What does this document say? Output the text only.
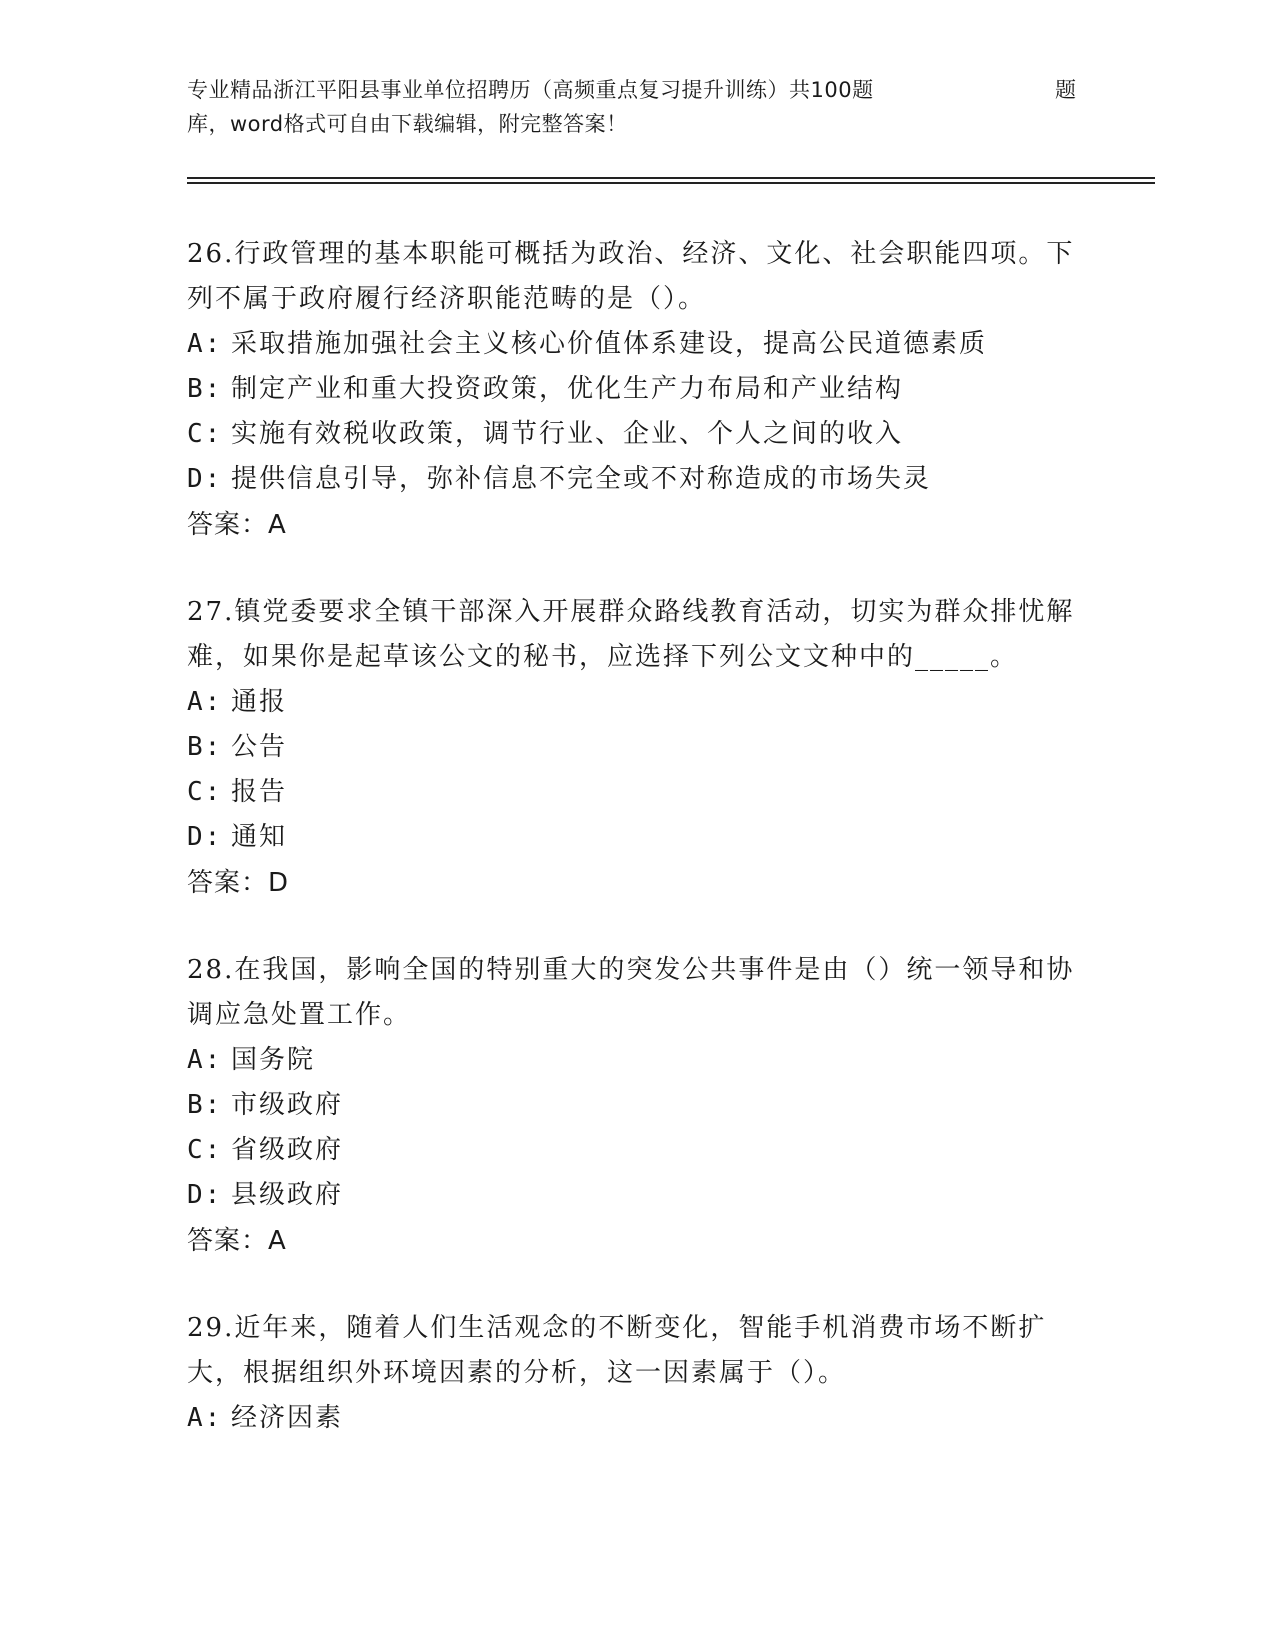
专业精品浙江平阳县事业单位招聘历（高频重点复习提升训练）共100题	题
库，word格式可自由下载编辑，附完整答案！

26.行政管理的基本职能可概括为政治、经济、文化、社会职能四项。下列不属于政府履行经济职能范畴的是（）。

A: 采取措施加强社会主义核心价值体系建设，提高公民道德素质
B: 制定产业和重大投资政策，优化生产力布局和产业结构
C: 实施有效税收政策，调节行业、企业、个人之间的收入
D: 提供信息引导，弥补信息不完全或不对称造成的市场失灵
答案：A

27.镇党委要求全镇干部深入开展群众路线教育活动，切实为群众排忧解难，如果你是起草该公文的秘书，应选择下列公文文种中的_____。

A: 通报
B: 公告
C: 报告
D: 通知
答案：D

28.在我国，影响全国的特别重大的突发公共事件是由（）统一领导和协调应急处置工作。

A: 国务院
B: 市级政府
C: 省级政府
D: 县级政府
答案：A

29.近年来，随着人们生活观念的不断变化，智能手机消费市场不断扩大，根据组织外环境因素的分析，这一因素属于（）。

A: 经济因素
